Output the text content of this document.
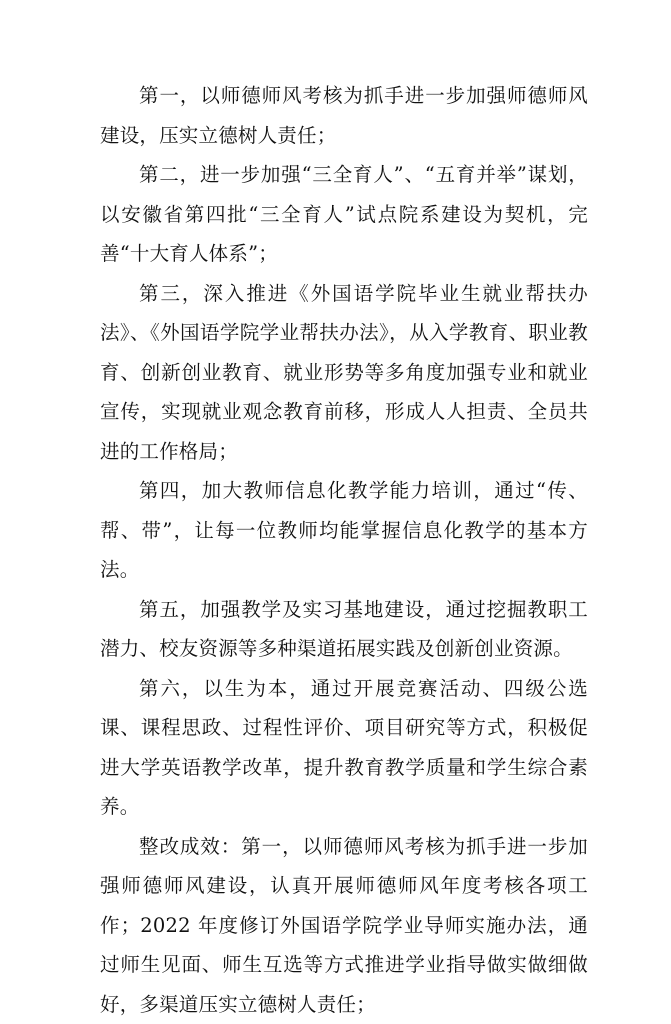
第一，以师德师风考核为抓手进一步加强师德师风建设，压实立德树人责任；

第二，进一步加强“三全育人”、“五育并举”谋划，以安徽省第四批“三全育人”试点院系建设为契机，完善“十大育人体系”；

第三，深入推进《外国语学院毕业生就业帮扶办法》、《外国语学院学业帮扶办法》，从入学教育、职业教育、创新创业教育、就业形势等多角度加强专业和就业宣传，实现就业观念教育前移，形成人人担责、全员共进的工作格局；

第四，加大教师信息化教学能力培训，通过“传、帮、带”，让每一位教师均能掌握信息化教学的基本方法。

第五，加强教学及实习基地建设，通过挖掘教职工潜力、校友资源等多种渠道拓展实践及创新创业资源。

第六，以生为本，通过开展竞赛活动、四级公选课、课程思政、过程性评价、项目研究等方式，积极促进大学英语教学改革，提升教育教学质量和学生综合素养。

整改成效：第一，以师德师风考核为抓手进一步加强师德师风建设，认真开展师德师风年度考核各项工作；2022 年度修订外国语学院学业导师实施办法，通过师生见面、师生互选等方式推进学业指导做实做细做好，多渠道压实立德树人责任；
